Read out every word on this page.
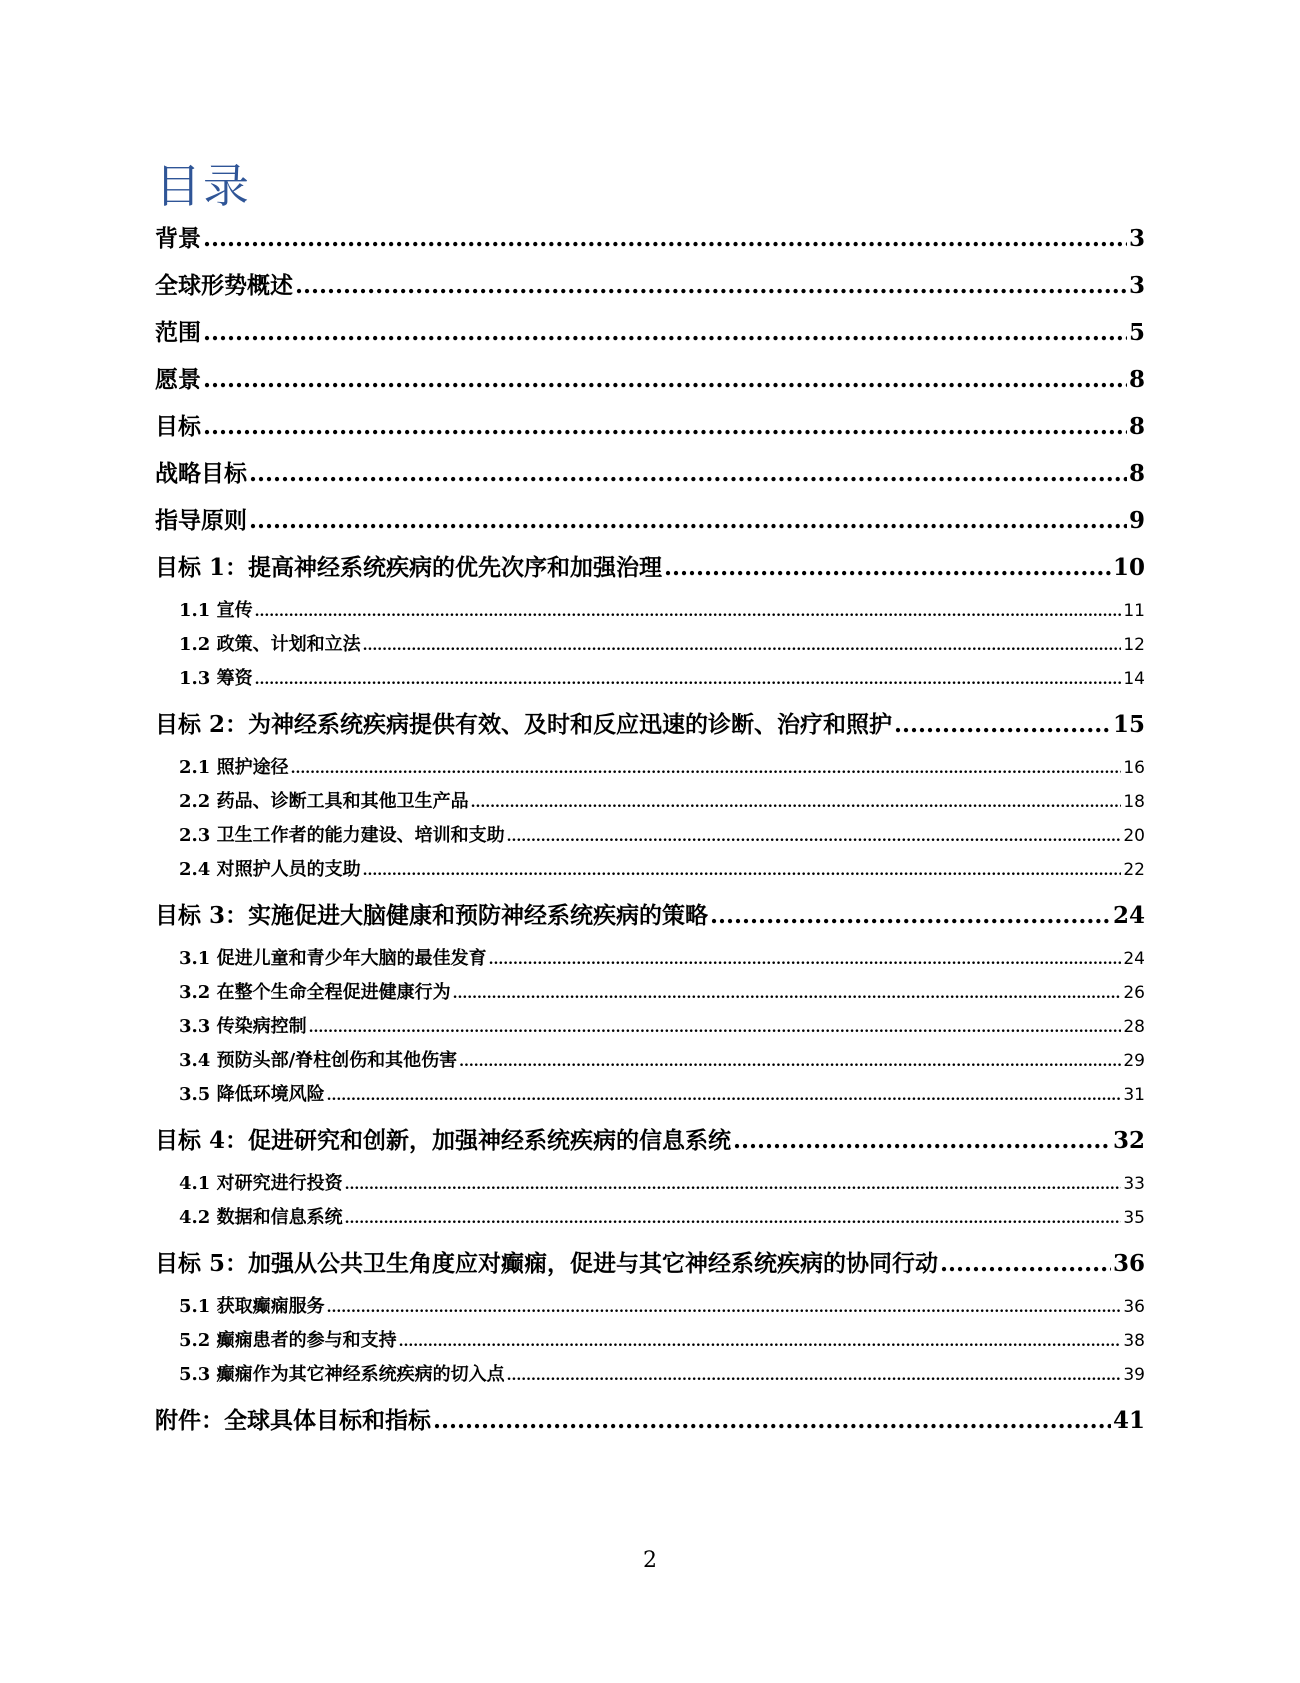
目录
背景 .....	3
全球形势概述 .....	3
范围 .....	5
愿景 .....	8
目标 .....	8
战略目标 .....	8
指导原则 .....	9
目标 1：提高神经系统疾病的优先次序和加强治理 .....	10
1.1 宣传 .....	11
1.2 政策、计划和立法 .....	12
1.3 筹资 .....	14
目标 2：为神经系统疾病提供有效、及时和反应迅速的诊断、治疗和照护 .....	15
2.1 照护途径 .....	16
2.2 药品、诊断工具和其他卫生产品 .....	18
2.3 卫生工作者的能力建设、培训和支助 .....	20
2.4 对照护人员的支助 .....	22
目标 3：实施促进大脑健康和预防神经系统疾病的策略 .....	24
3.1 促进儿童和青少年大脑的最佳发育 .....	24
3.2 在整个生命全程促进健康行为 .....	26
3.3 传染病控制 .....	28
3.4 预防头部/脊柱创伤和其他伤害 .....	29
3.5 降低环境风险 .....	31
目标 4：促进研究和创新，加强神经系统疾病的信息系统 .....	32
4.1 对研究进行投资 .....	33
4.2 数据和信息系统 .....	35
目标 5：加强从公共卫生角度应对癫痫，促进与其它神经系统疾病的协同行动 .....	36
5.1 获取癫痫服务 .....	36
5.2 癫痫患者的参与和支持 .....	38
5.3 癫痫作为其它神经系统疾病的切入点 .....	39
附件：全球具体目标和指标 .....	41
2
